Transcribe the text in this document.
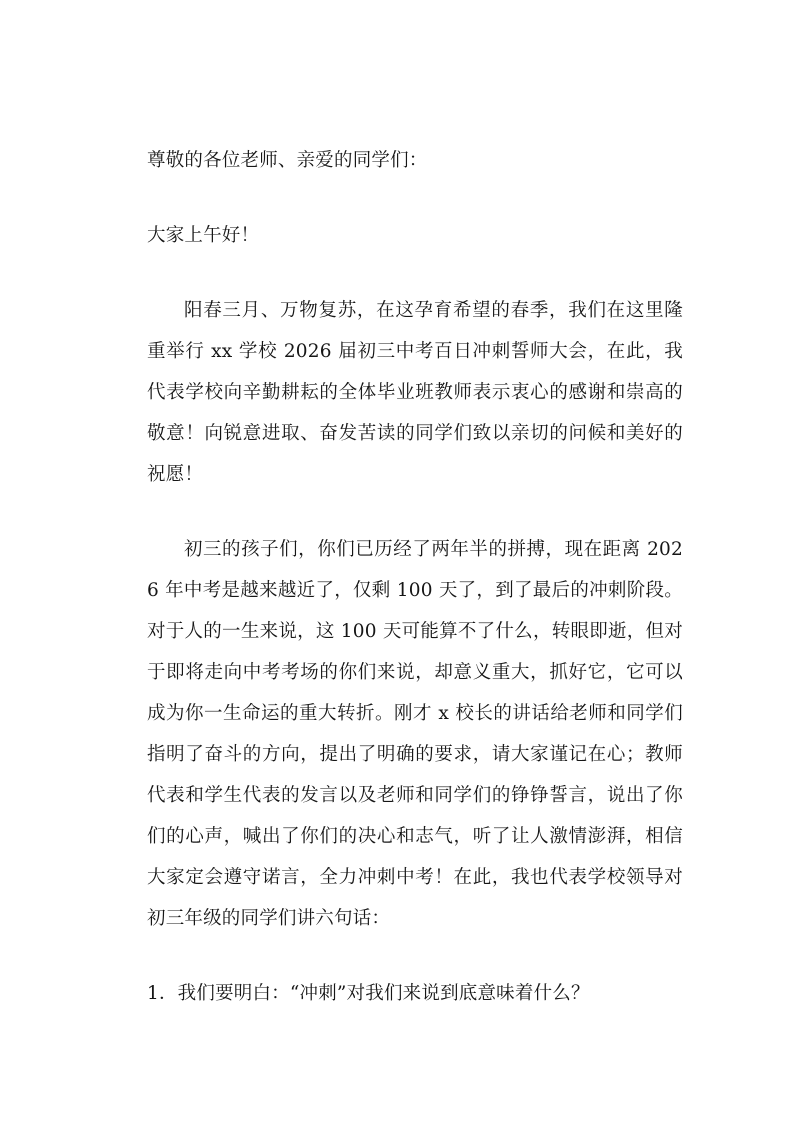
尊敬的各位老师、亲爱的同学们：

大家上午好！

阳春三月、万物复苏，在这孕育希望的春季，我们在这里隆重举行 xx 学校 2026 届初三中考百日冲刺誓师大会，在此，我代表学校向辛勤耕耘的全体毕业班教师表示衷心的感谢和崇高的敬意！向锐意进取、奋发苦读的同学们致以亲切的问候和美好的祝愿！

初三的孩子们，你们已历经了两年半的拼搏，现在距离 2026 年中考是越来越近了，仅剩 100 天了，到了最后的冲刺阶段。对于人的一生来说，这 100 天可能算不了什么，转眼即逝，但对于即将走向中考考场的你们来说，却意义重大，抓好它，它可以成为你一生命运的重大转折。刚才 x 校长的讲话给老师和同学们指明了奋斗的方向，提出了明确的要求，请大家谨记在心；教师代表和学生代表的发言以及老师和同学们的铮铮誓言，说出了你们的心声，喊出了你们的决心和志气，听了让人激情澎湃，相信大家定会遵守诺言，全力冲刺中考！在此，我也代表学校领导对初三年级的同学们讲六句话：

1．我们要明白：“冲刺”对我们来说到底意味着什么？
